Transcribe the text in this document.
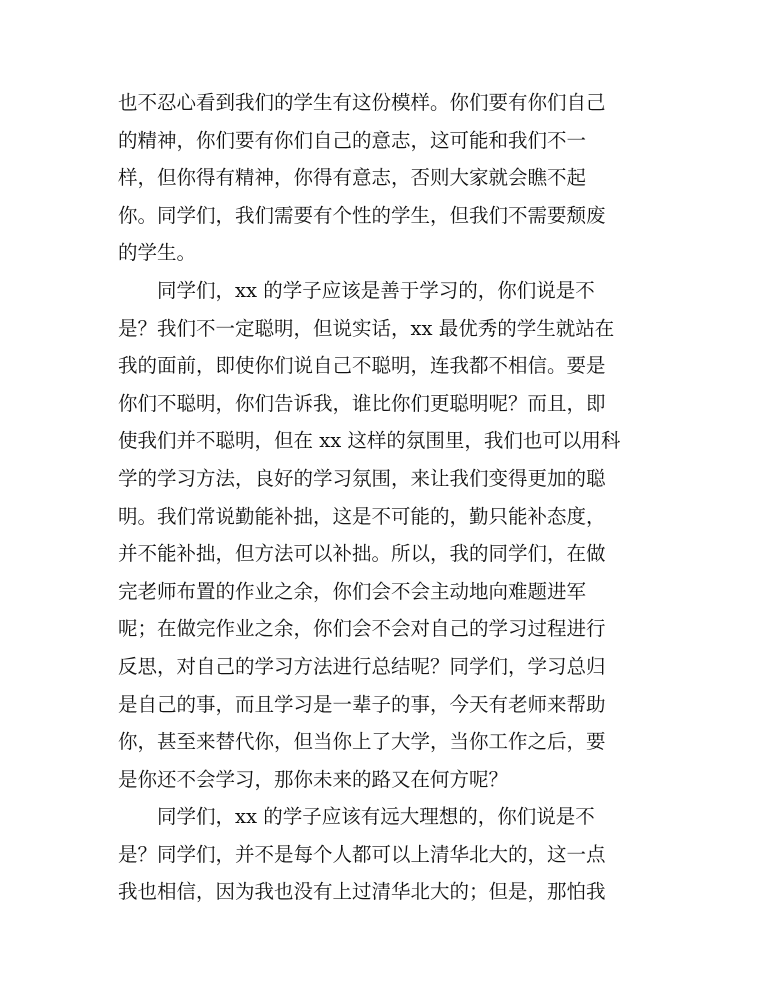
也不忍心看到我们的学生有这份模样。你们要有你们自己
的精神，你们要有你们自己的意志，这可能和我们不一
样，但你得有精神，你得有意志，否则大家就会瞧不起
你。同学们，我们需要有个性的学生，但我们不需要颓废
的学生。
同学们，xx 的学子应该是善于学习的，你们说是不
是？我们不一定聪明，但说实话，xx 最优秀的学生就站在
我的面前，即使你们说自己不聪明，连我都不相信。要是
你们不聪明，你们告诉我，谁比你们更聪明呢？而且，即
使我们并不聪明，但在 xx 这样的氛围里，我们也可以用科
学的学习方法，良好的学习氛围，来让我们变得更加的聪
明。我们常说勤能补拙，这是不可能的，勤只能补态度，
并不能补拙，但方法可以补拙。所以，我的同学们，在做
完老师布置的作业之余，你们会不会主动地向难题进军
呢；在做完作业之余，你们会不会对自己的学习过程进行
反思，对自己的学习方法进行总结呢？同学们，学习总归
是自己的事，而且学习是一辈子的事，今天有老师来帮助
你，甚至来替代你，但当你上了大学，当你工作之后，要
是你还不会学习，那你未来的路又在何方呢？
同学们，xx 的学子应该有远大理想的，你们说是不
是？同学们，并不是每个人都可以上清华北大的，这一点
我也相信，因为我也没有上过清华北大的；但是，那怕我
